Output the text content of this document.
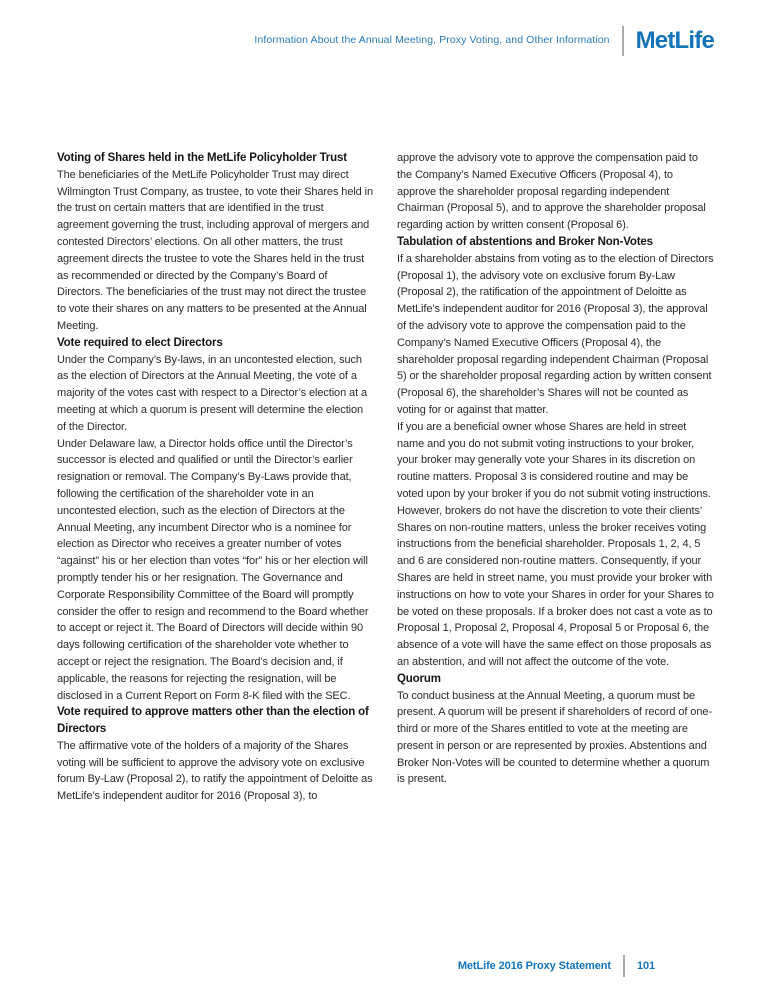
Information About the Annual Meeting, Proxy Voting, and Other Information MetLife
Voting of Shares held in the MetLife Policyholder Trust

The beneficiaries of the MetLife Policyholder Trust may direct Wilmington Trust Company, as trustee, to vote their Shares held in the trust on certain matters that are identified in the trust agreement governing the trust, including approval of mergers and contested Directors’ elections. On all other matters, the trust agreement directs the trustee to vote the Shares held in the trust as recommended or directed by the Company’s Board of Directors. The beneficiaries of the trust may not direct the trustee to vote their shares on any matters to be presented at the Annual Meeting.

Vote required to elect Directors

Under the Company’s By-laws, in an uncontested election, such as the election of Directors at the Annual Meeting, the vote of a majority of the votes cast with respect to a Director’s election at a meeting at which a quorum is present will determine the election of the Director.

Under Delaware law, a Director holds office until the Director’s successor is elected and qualified or until the Director’s earlier resignation or removal. The Company’s By-Laws provide that, following the certification of the shareholder vote in an uncontested election, such as the election of Directors at the Annual Meeting, any incumbent Director who is a nominee for election as Director who receives a greater number of votes “against” his or her election than votes “for” his or her election will promptly tender his or her resignation. The Governance and Corporate Responsibility Committee of the Board will promptly consider the offer to resign and recommend to the Board whether to accept or reject it. The Board of Directors will decide within 90 days following certification of the shareholder vote whether to accept or reject the resignation. The Board’s decision and, if applicable, the reasons for rejecting the resignation, will be disclosed in a Current Report on Form 8-K filed with the SEC.

Vote required to approve matters other than the election of Directors

The affirmative vote of the holders of a majority of the Shares voting will be sufficient to approve the advisory vote on exclusive forum By-Law (Proposal 2), to ratify the appointment of Deloitte as MetLife’s independent auditor for 2016 (Proposal 3), to

approve the advisory vote to approve the compensation paid to the Company’s Named Executive Officers (Proposal 4), to approve the shareholder proposal regarding independent Chairman (Proposal 5), and to approve the shareholder proposal regarding action by written consent (Proposal 6).

Tabulation of abstentions and Broker Non-Votes

If a shareholder abstains from voting as to the election of Directors (Proposal 1), the advisory vote on exclusive forum By-Law (Proposal 2), the ratification of the appointment of Deloitte as MetLife’s independent auditor for 2016 (Proposal 3), the approval of the advisory vote to approve the compensation paid to the Company’s Named Executive Officers (Proposal 4), the shareholder proposal regarding independent Chairman (Proposal 5) or the shareholder proposal regarding action by written consent (Proposal 6), the shareholder’s Shares will not be counted as voting for or against that matter.

If you are a beneficial owner whose Shares are held in street name and you do not submit voting instructions to your broker, your broker may generally vote your Shares in its discretion on routine matters. Proposal 3 is considered routine and may be voted upon by your broker if you do not submit voting instructions. However, brokers do not have the discretion to vote their clients’ Shares on non-routine matters, unless the broker receives voting instructions from the beneficial shareholder. Proposals 1, 2, 4, 5 and 6 are considered non-routine matters. Consequently, if your Shares are held in street name, you must provide your broker with instructions on how to vote your Shares in order for your Shares to be voted on these proposals. If a broker does not cast a vote as to Proposal 1, Proposal 2, Proposal 4, Proposal 5 or Proposal 6, the absence of a vote will have the same effect on those proposals as an abstention, and will not affect the outcome of the vote.

Quorum

To conduct business at the Annual Meeting, a quorum must be present. A quorum will be present if shareholders of record of one-third or more of the Shares entitled to vote at the meeting are present in person or are represented by proxies. Abstentions and Broker Non-Votes will be counted to determine whether a quorum is present.

MetLife 2016 Proxy Statement 101
